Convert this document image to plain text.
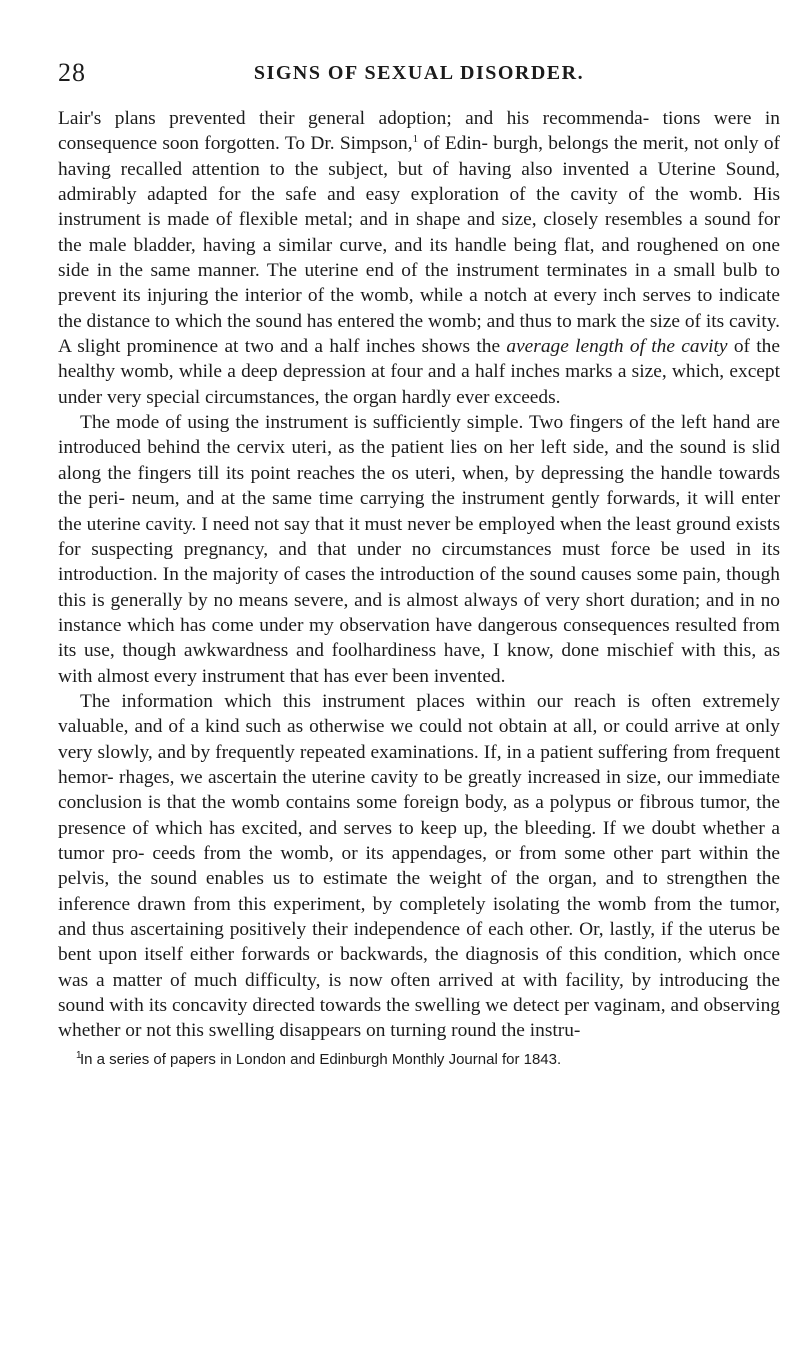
28	SIGNS OF SEXUAL DISORDER.

Lair's plans prevented their general adoption; and his recommenda- tions were in consequence soon forgotten. To Dr. Simpson,$^1$ of Edin- burgh, belongs the merit, not only of having recalled attention to the subject, but of having also invented a Uterine Sound, admirably adapted for the safe and easy exploration of the cavity of the womb. His instrument is made of flexible metal; and in shape and size, closely resembles a sound for the male bladder, having a similar curve, and its handle being flat, and roughened on one side in the same manner. The uterine end of the instrument terminates in a small bulb to prevent its injuring the interior of the womb, while a notch at every inch serves to indicate the distance to which the sound has entered the womb; and thus to mark the size of its cavity. A slight prominence at two and a half inches shows the average length of the cavity of the healthy womb, while a deep depression at four and a half inches marks a size, which, except under very special circumstances, the organ hardly ever exceeds.

The mode of using the instrument is sufficiently simple. Two fingers of the left hand are introduced behind the cervix uteri, as the patient lies on her left side, and the sound is slid along the fingers till its point reaches the os uteri, when, by depressing the handle towards the peri- neum, and at the same time carrying the instrument gently forwards, it will enter the uterine cavity. I need not say that it must never be employed when the least ground exists for suspecting pregnancy, and that under no circumstances must force be used in its introduction. In the majority of cases the introduction of the sound causes some pain, though this is generally by no means severe, and is almost always of very short duration; and in no instance which has come under my observation have dangerous consequences resulted from its use, though awkwardness and foolhardiness have, I know, done mischief with this, as with almost every instrument that has ever been invented.

The information which this instrument places within our reach is often extremely valuable, and of a kind such as otherwise we could not obtain at all, or could arrive at only very slowly, and by frequently repeated examinations. If, in a patient suffering from frequent hemor- rhages, we ascertain the uterine cavity to be greatly increased in size, our immediate conclusion is that the womb contains some foreign body, as a polypus or fibrous tumor, the presence of which has excited, and serves to keep up, the bleeding. If we doubt whether a tumor pro- ceeds from the womb, or its appendages, or from some other part within the pelvis, the sound enables us to estimate the weight of the organ, and to strengthen the inference drawn from this experiment, by completely isolating the womb from the tumor, and thus ascertaining positively their independence of each other. Or, lastly, if the uterus be bent upon itself either forwards or backwards, the diagnosis of this condition, which once was a matter of much difficulty, is now often arrived at with facility, by introducing the sound with its concavity directed towards the swelling we detect per vaginam, and observing whether or not this swelling disappears on turning round the instru-

1
In a series of papers in London and Edinburgh Monthly Journal for 1843.
